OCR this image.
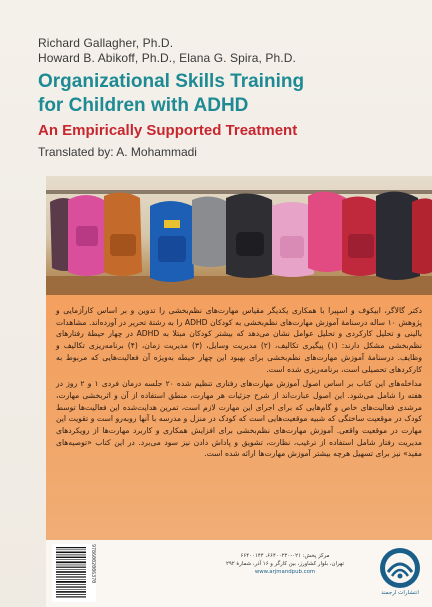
Richard Gallagher, Ph.D.
Howard B. Abikoff, Ph.D., Elana G. Spira, Ph.D.
Organizational Skills Training
for Children with ADHD
An Empirically Supported Treatment
Translated by: A. Mohammadi

دکتر گالاگر، ابیکوف و اسپیرا با همکاری یکدیگر مقیاس مهارت‌های نظم‌بخشی را تدوین و بر اساس کارآزمایی و پژوهش ۱۰ ساله درسنامهٔ آموزش مهارت‌های نظم‌بخشی به کودکان ADHD را به رشتهٔ تحریر در آورده‌اند. مشاهدات بالینی و تحلیل کارکردی و تحلیل عوامل نشان می‌دهد که بیشتر کودکان مبتلا به ADHD در چهار حیطهٔ رفتارهای نظم‌بخشی مشکل دارند: (۱) پیگیری تکالیف، (۲) مدیریت وسایل، (۳) مدیریت زمان، (۴) برنامه‌ریزی تکالیف و وظایف. درسنامهٔ آموزش مهارت‌های نظم‌بخشی برای بهبود این چهار حیطه به‌ویژه آن فعالیت‌هایی که مربوط به کارکردهای تحصیلی است، برنامه‌ریزی شده است.

مداخله‌های این کتاب بر اساس اصول آموزش مهارت‌های رفتاری تنظیم شده ۲۰ جلسه درمان فردی ۱ و ۲ روز در هفته را شامل می‌شود. این اصول عبارت‌اند از شرح جزئیات هر مهارت، منطق استفاده از آن و اثربخشی مهارت، مرشدی فعالیت‌های خاص و گام‌هایی که برای اجرای این مهارت لازم است، تمرین هدایت‌شده این فعالیت‌ها توسط کودک در موقعیت ساختگی که شبیه موقعیت‌هایی است که کودک در منزل و مدرسه با آنها روبه‌رو است و تقویت این مهارت در موقعیت واقعی. آموزش مهارت‌های نظم‌بخشی برای افزایش همکاری و کاربرد مهارت‌ها از رویکردهای مدیریت رفتار شامل استفاده از ترغیب، نظارت، تشویق و پاداش دادن نیز سود می‌برد. در این کتاب «توصیه‌های مفید» نیز برای تسهیل هرچه بیشتر آموزش مهارت‌ها ارائه شده است.

9786002006370	مرکز پخش: ۰۲۱-۶۶۴۰۰۲۲۰، ۶۶۴۰۰۱۴۴
تهران، بلوار کشاورز، بین کارگر و ۱۶ آذر، شمارهٔ ۲۹۲
www.arjmandpub.com
انتشارات ارجمند
